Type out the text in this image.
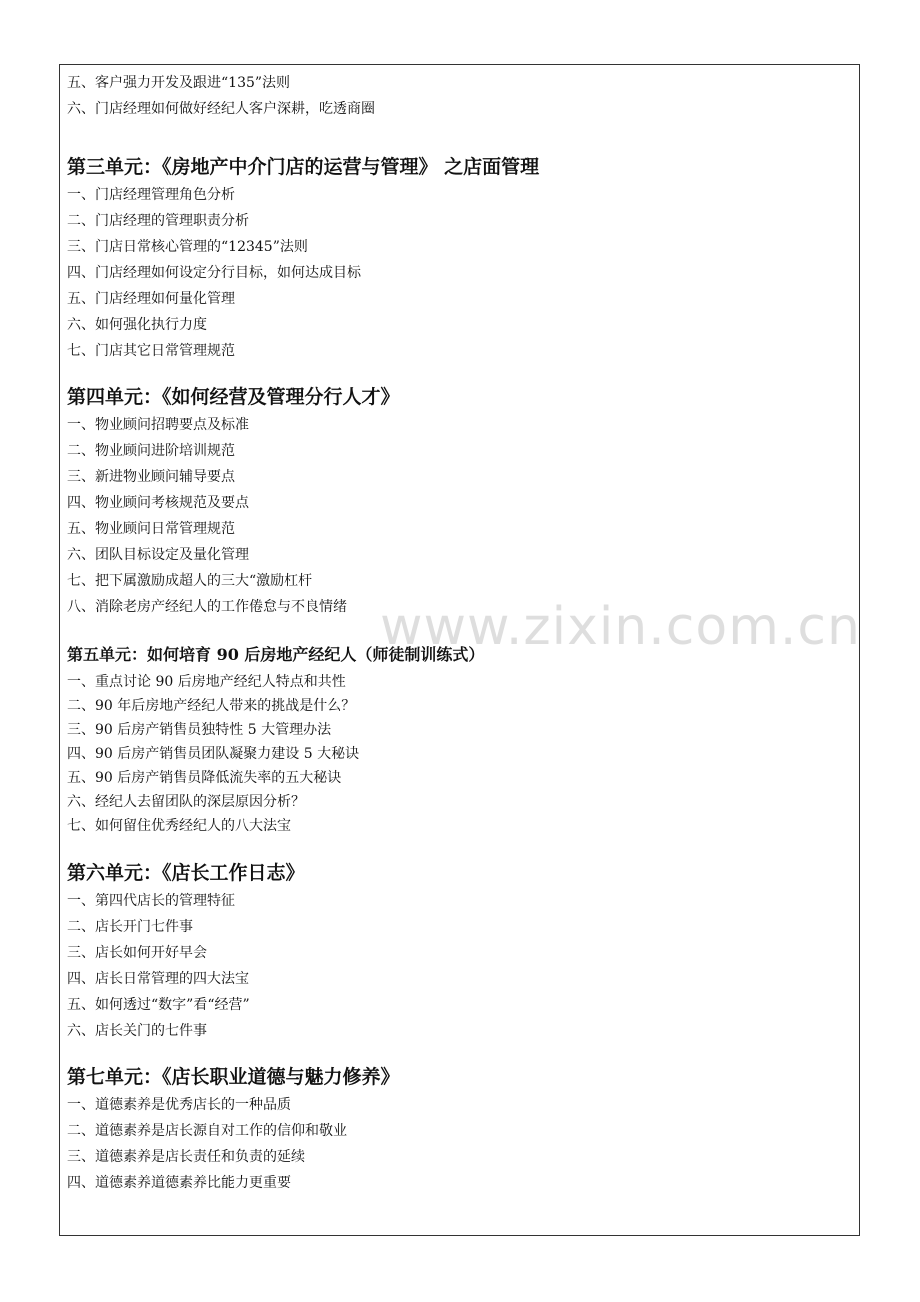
五、客户强力开发及跟进“135”法则
六、门店经理如何做好经纪人客户深耕，吃透商圈
第三单元：《房地产中介门店的运营与管理》 之店面管理
一、门店经理管理角色分析
二、门店经理的管理职责分析
三、门店日常核心管理的“12345”法则
四、门店经理如何设定分行目标，如何达成目标
五、门店经理如何量化管理
六、如何强化执行力度
七、门店其它日常管理规范
第四单元：《如何经营及管理分行人才》
一、物业顾问招聘要点及标准
二、物业顾问进阶培训规范
三、新进物业顾问辅导要点
四、物业顾问考核规范及要点
五、物业顾问日常管理规范
六、团队目标设定及量化管理
七、把下属激励成超人的三大“激励杠杆
八、消除老房产经纪人的工作倦怠与不良情绪
第五单元：如何培育 90 后房地产经纪人（师徒制训练式）
一、重点讨论 90 后房地产经纪人特点和共性
二、90 年后房地产经纪人带来的挑战是什么？
三、90 后房产销售员独特性 5 大管理办法
四、90 后房产销售员团队凝聚力建设 5 大秘诀
五、90 后房产销售员降低流失率的五大秘诀
六、经纪人去留团队的深层原因分析？
七、如何留住优秀经纪人的八大法宝
第六单元：《店长工作日志》
一、第四代店长的管理特征
二、店长开门七件事
三、店长如何开好早会
四、店长日常管理的四大法宝
五、如何透过“数字”看“经营”
六、店长关门的七件事
第七单元：《店长职业道德与魅力修养》
一、道德素养是优秀店长的一种品质
二、道德素养是店长源自对工作的信仰和敬业
三、道德素养是店长责任和负责的延续
四、道德素养道德素养比能力更重要
www.zixin.com.cn
